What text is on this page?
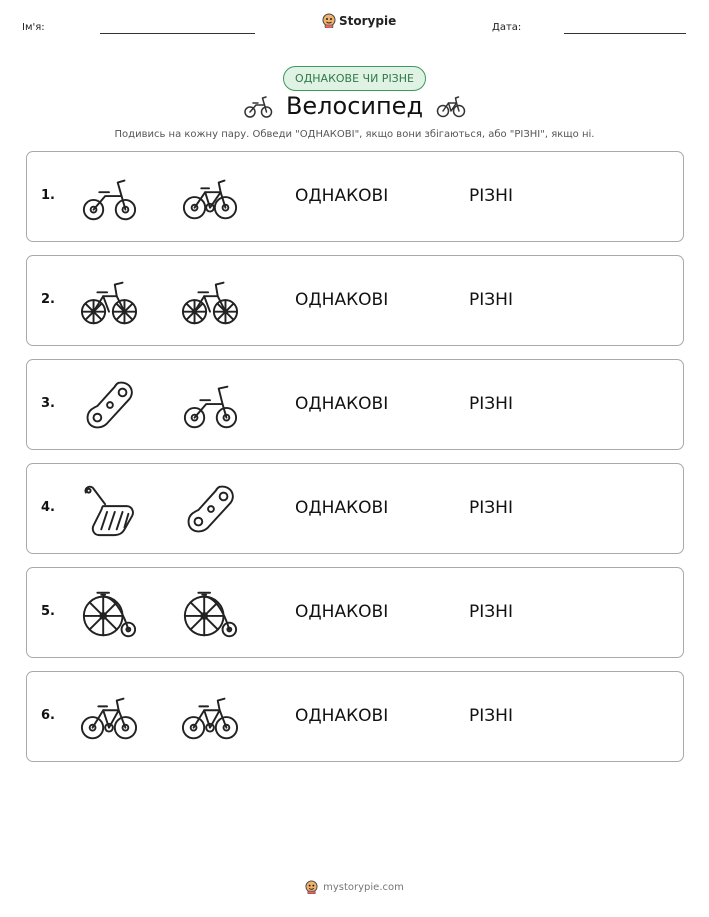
Ім'я:	Storypie	Дата:
ОДНАКОВЕ ЧИ РІЗНЕ
Велосипед
Подивись на кожну пару. Обведи "ОДНАКОВІ", якщо вони збігаються, або "РІЗНІ", якщо ні.
1.	ОДНАКОВІ	РІЗНІ
2.	ОДНАКОВІ	РІЗНІ
3.	ОДНАКОВІ	РІЗНІ
4.	ОДНАКОВІ	РІЗНІ
5.	ОДНАКОВІ	РІЗНІ
6.	ОДНАКОВІ	РІЗНІ
mystorypie.com
